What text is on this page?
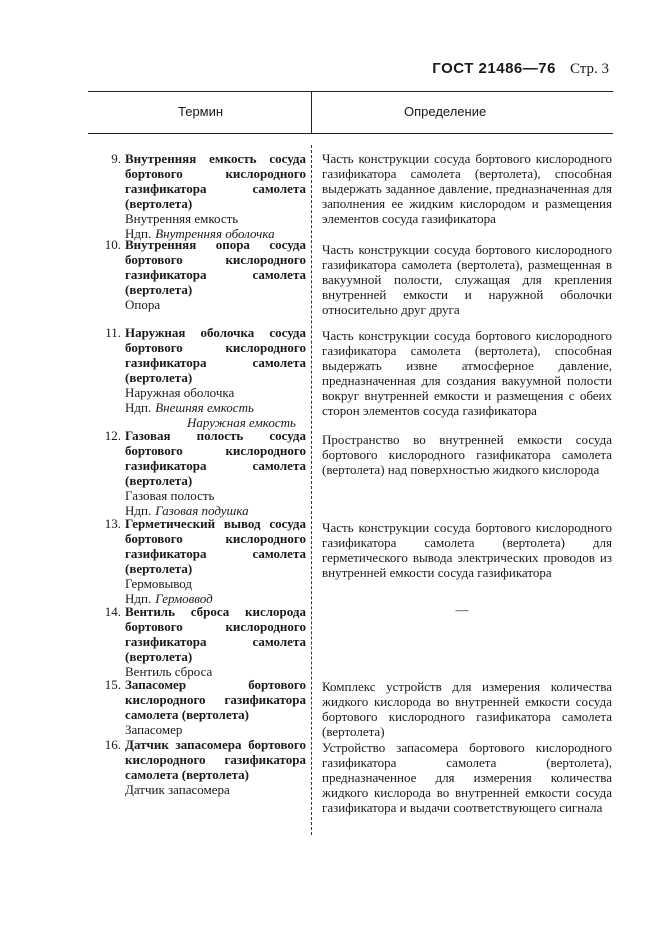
ГОСТ 21486—76 Стр. 3
Термин	Определение
9. Внутренняя емкость сосуда бортового кислородного газификатора самолета (вертолета)
Внутренняя емкость
Ндп. Внутренняя оболочка
Часть конструкции сосуда бортового кислородного газификатора самолета (вертолета), способная выдержать заданное давление, предназначенная для заполнения ее жидким кислородом и размещения элементов сосуда газификатора
10. Внутренняя опора сосуда бортового кислородного газификатора самолета (вертолета)
Опора
Часть конструкции сосуда бортового кислородного газификатора самолета (вертолета), размещенная в вакуумной полости, служащая для крепления внутренней емкости и наружной оболочки относительно друг друга
11. Наружная оболочка сосуда бортового кислородного газификатора самолета (вертолета)
Наружная оболочка
Ндп. Внешняя емкость
Наружная емкость
Часть конструкции сосуда бортового кислородного газификатора самолета (вертолета), способная выдержать извне атмосферное давление, предназначенная для создания вакуумной полости вокруг внутренней емкости и размещения с обеих сторон элементов сосуда газификатора
12. Газовая полость сосуда бортового кислородного газификатора самолета (вертолета)
Газовая полость
Ндп. Газовая подушка
Пространство во внутренней емкости сосуда бортового кислородного газификатора самолета (вертолета) над поверхностью жидкого кислорода
13. Герметический вывод сосуда бортового кислородного газификатора самолета (вертолета)
Гермовывод
Ндп. Гермоввод
Часть конструкции сосуда бортового кислородного газификатора самолета (вертолета) для герметического вывода электрических проводов из внутренней емкости сосуда газификатора
14. Вентиль сброса кислорода бортового кислородного газификатора самолета (вертолета)
Вентиль сброса
—
15. Запасомер бортового кислородного газификатора самолета (вертолета)
Запасомер
Комплекс устройств для измерения количества жидкого кислорода во внутренней емкости сосуда бортового кислородного газификатора самолета (вертолета)
16. Датчик запасомера бортового кислородного газификатора самолета (вертолета)
Датчик запасомера
Устройство запасомера бортового кислородного газификатора самолета (вертолета), предназначенное для измерения количества жидкого кислорода во внутренней емкости сосуда газификатора и выдачи соответствующего сигнала
